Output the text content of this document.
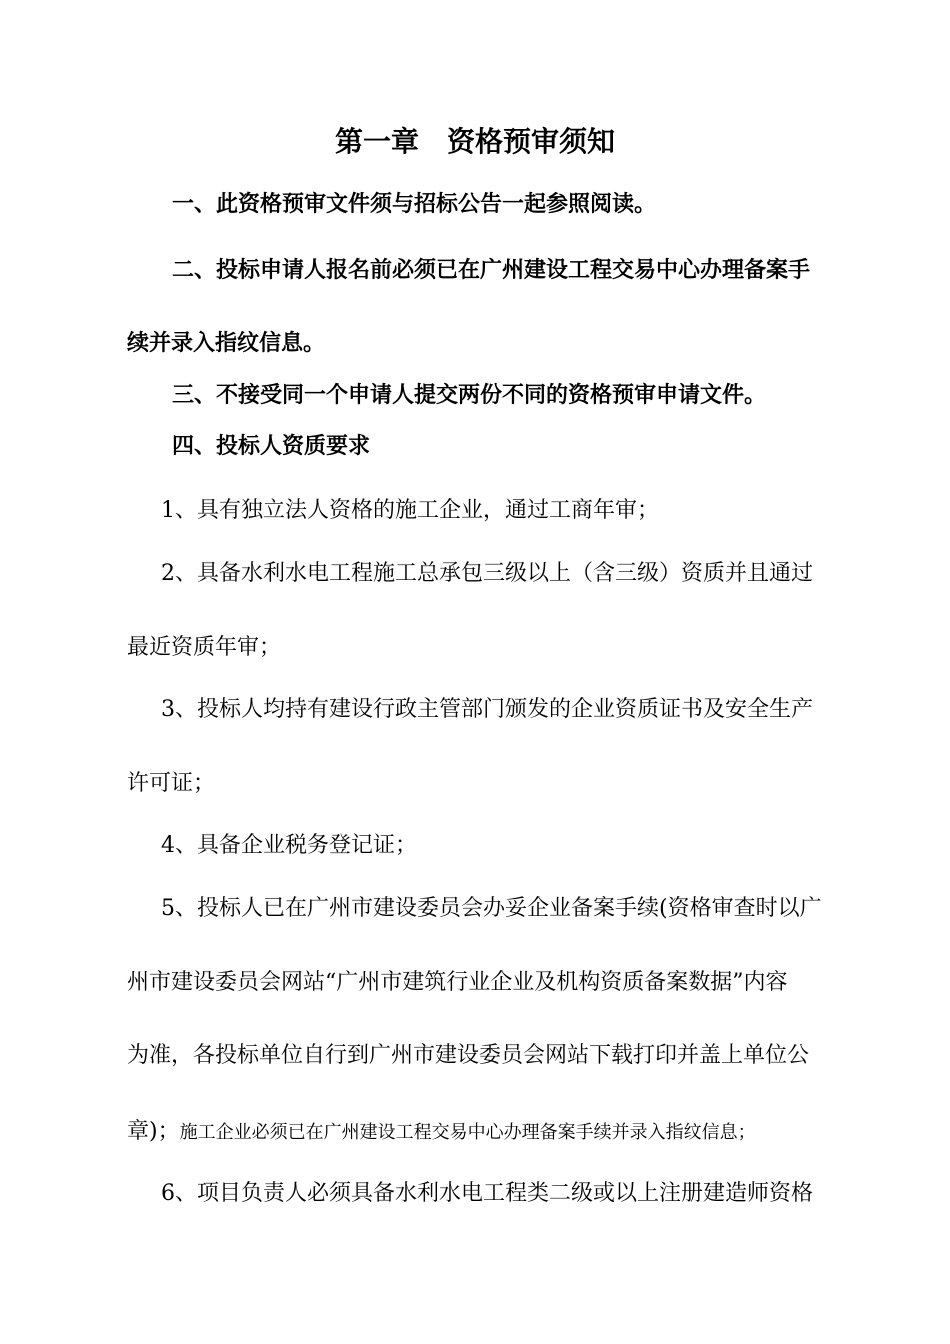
第一章 资格预审须知
一、此资格预审文件须与招标公告一起参照阅读。
二、投标申请人报名前必须已在广州建设工程交易中心办理备案手
续并录入指纹信息。
三、不接受同一个申请人提交两份不同的资格预审申请文件。
四、投标人资质要求
1、具有独立法人资格的施工企业，通过工商年审；
2、具备水利水电工程施工总承包三级以上（含三级）资质并且通过
最近资质年审；
3、投标人均持有建设行政主管部门颁发的企业资质证书及安全生产
许可证；
4、具备企业税务登记证；
5、投标人已在广州市建设委员会办妥企业备案手续(资格审查时以广
州市建设委员会网站“广州市建筑行业企业及机构资质备案数据”内容
为准，各投标单位自行到广州市建设委员会网站下载打印并盖上单位公
章)；施工企业必须已在广州建设工程交易中心办理备案手续并录入指纹信息；
6、项目负责人必须具备水利水电工程类二级或以上注册建造师资格
